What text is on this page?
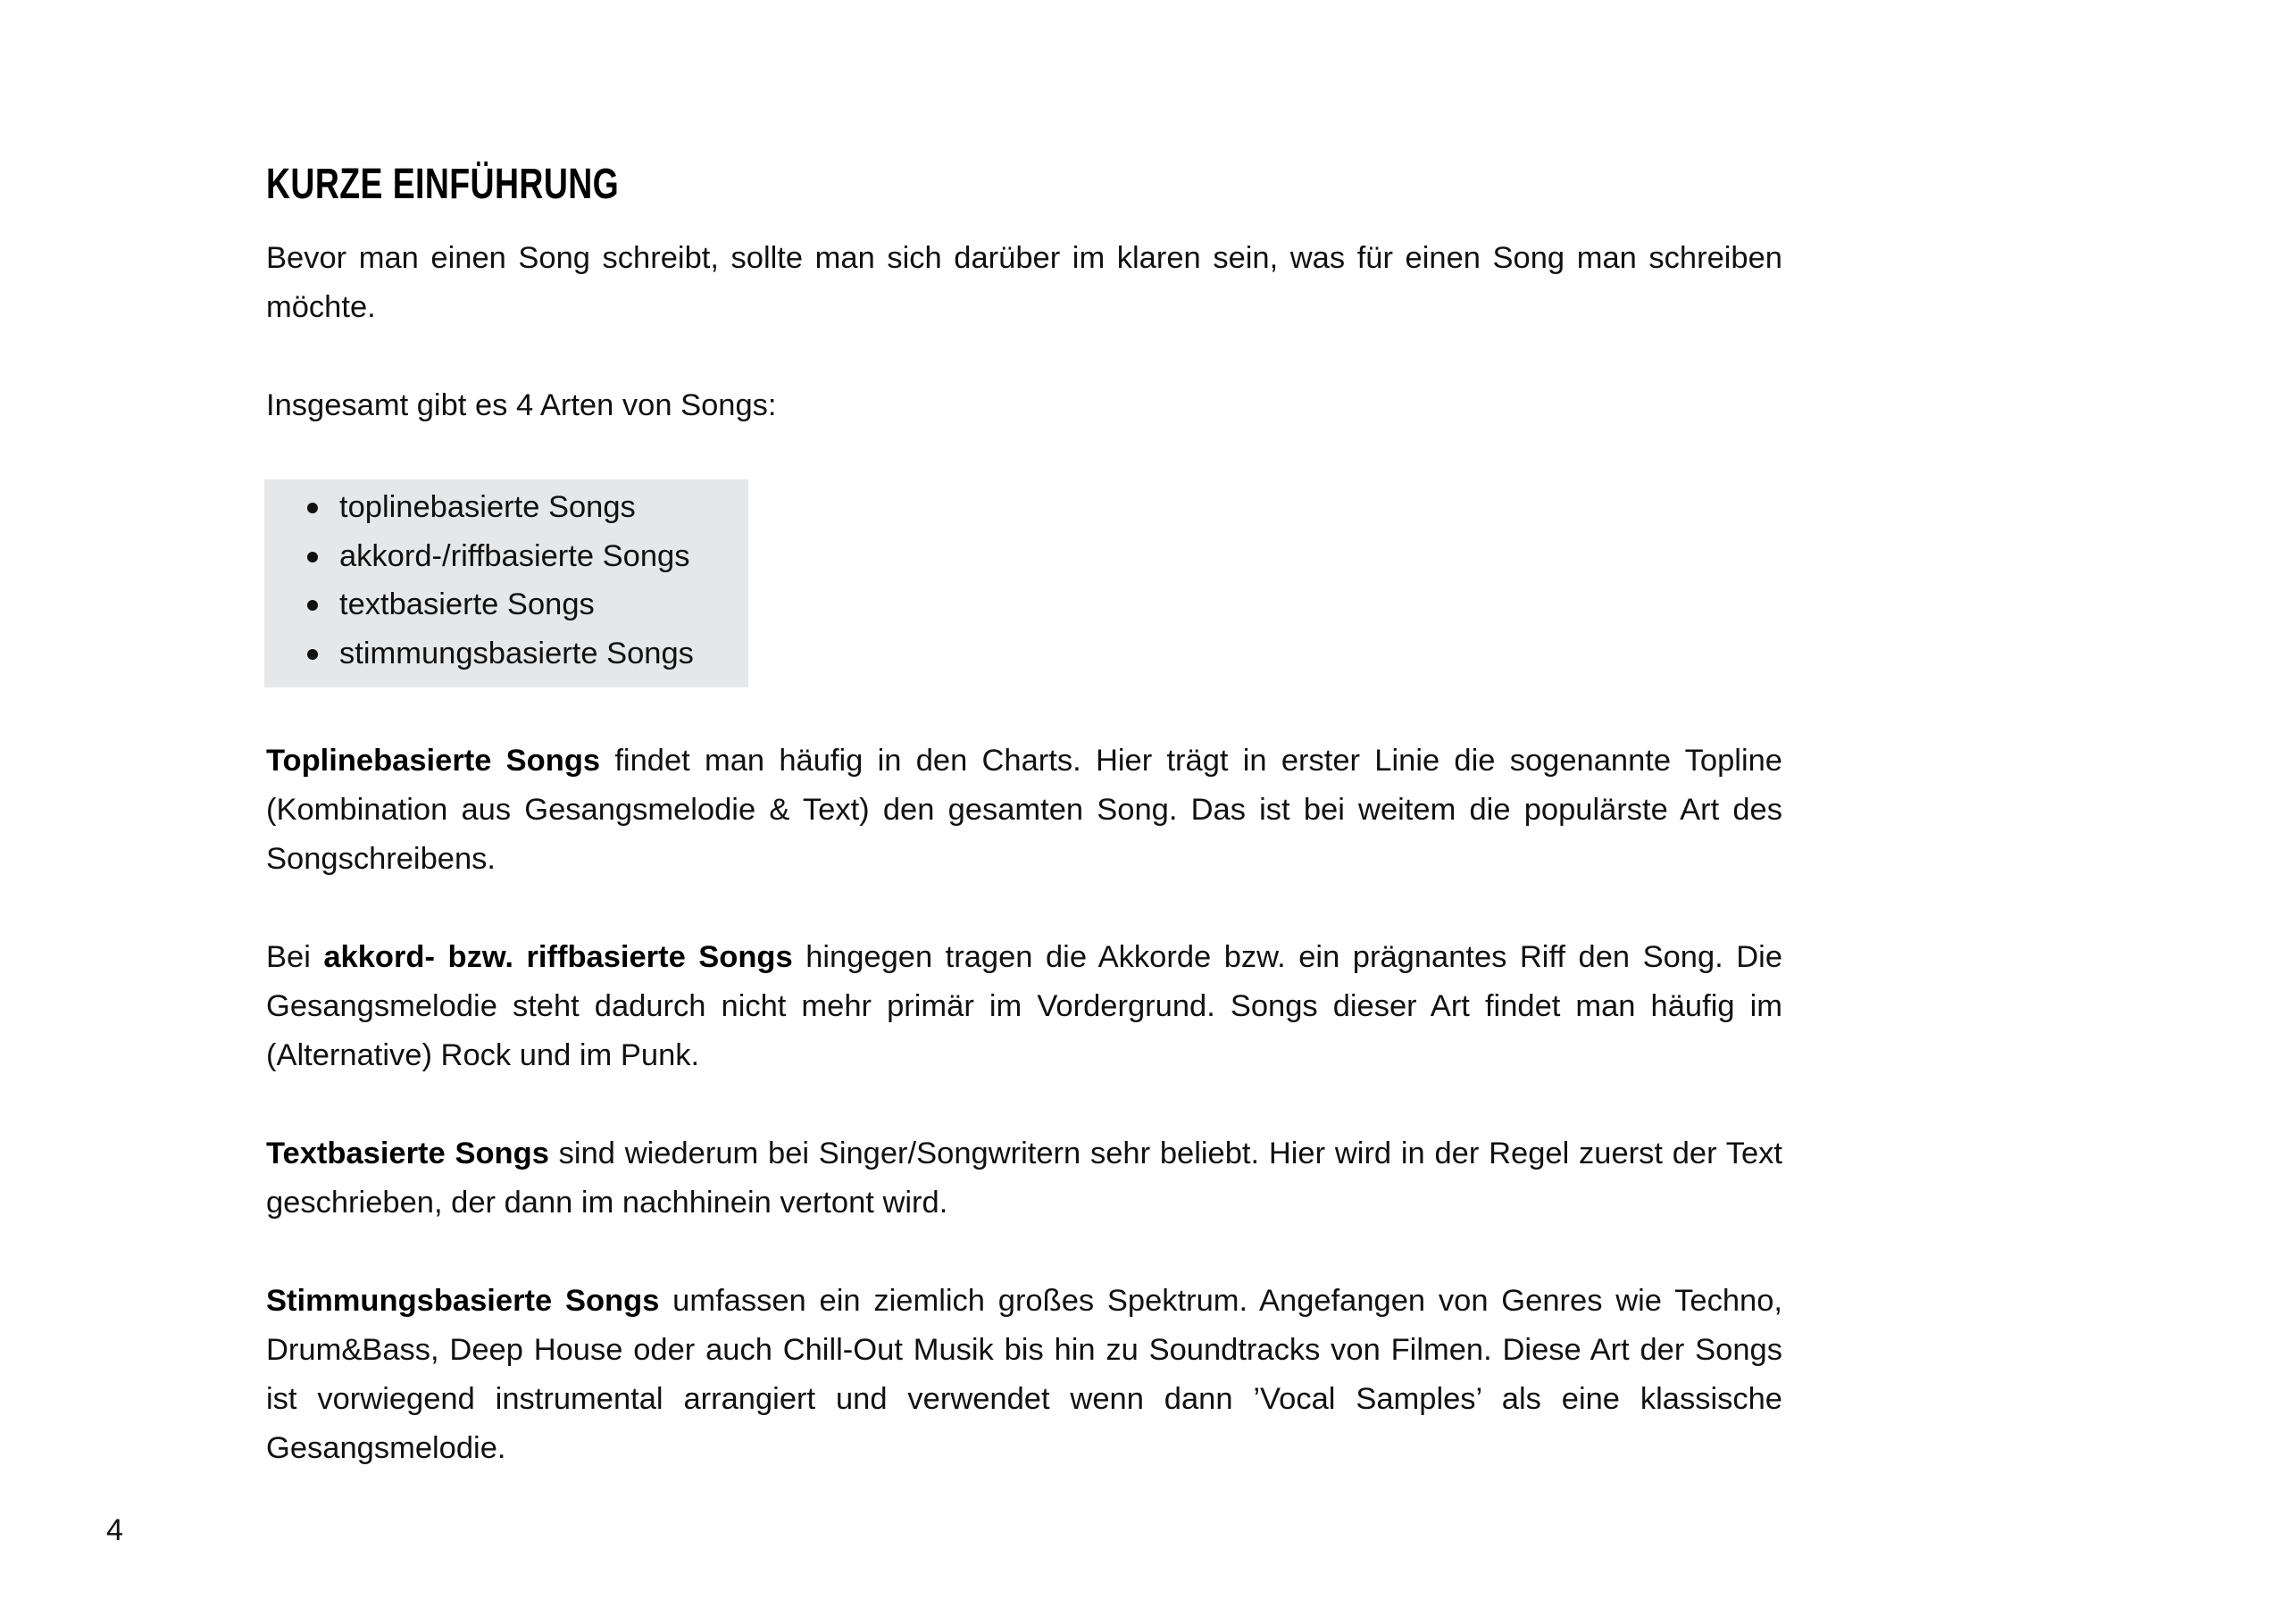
KURZE EINFÜHRUNG

Bevor man einen Song schreibt, sollte man sich darüber im klaren sein, was für einen Song man schreiben möchte.

Insgesamt gibt es 4 Arten von Songs:

toplinebasierte Songs
akkord-/riffbasierte Songs
textbasierte Songs
stimmungsbasierte Songs

Toplinebasierte Songs findet man häufig in den Charts. Hier trägt in erster Linie die sogenannte Topline (Kombination aus Gesangsmelodie & Text) den gesamten Song. Das ist bei weitem die populärste Art des Songschreibens.

Bei akkord- bzw. riffbasierte Songs hingegen tragen die Akkorde bzw. ein prägnantes Riff den Song. Die Gesangsmelodie steht dadurch nicht mehr primär im Vordergrund. Songs dieser Art findet man häufig im (Alternative) Rock und im Punk.

Textbasierte Songs sind wiederum bei Singer/Songwritern sehr beliebt. Hier wird in der Regel zuerst der Text geschrieben, der dann im nachhinein vertont wird.

Stimmungsbasierte Songs umfassen ein ziemlich großes Spektrum. Angefangen von Genres wie Techno, Drum&Bass, Deep House oder auch Chill-Out Musik bis hin zu Soundtracks von Filmen. Diese Art der Songs ist vorwiegend instrumental arrangiert und verwendet wenn dann ’Vocal Samples’ als eine klassische Gesangsmelodie.

4
